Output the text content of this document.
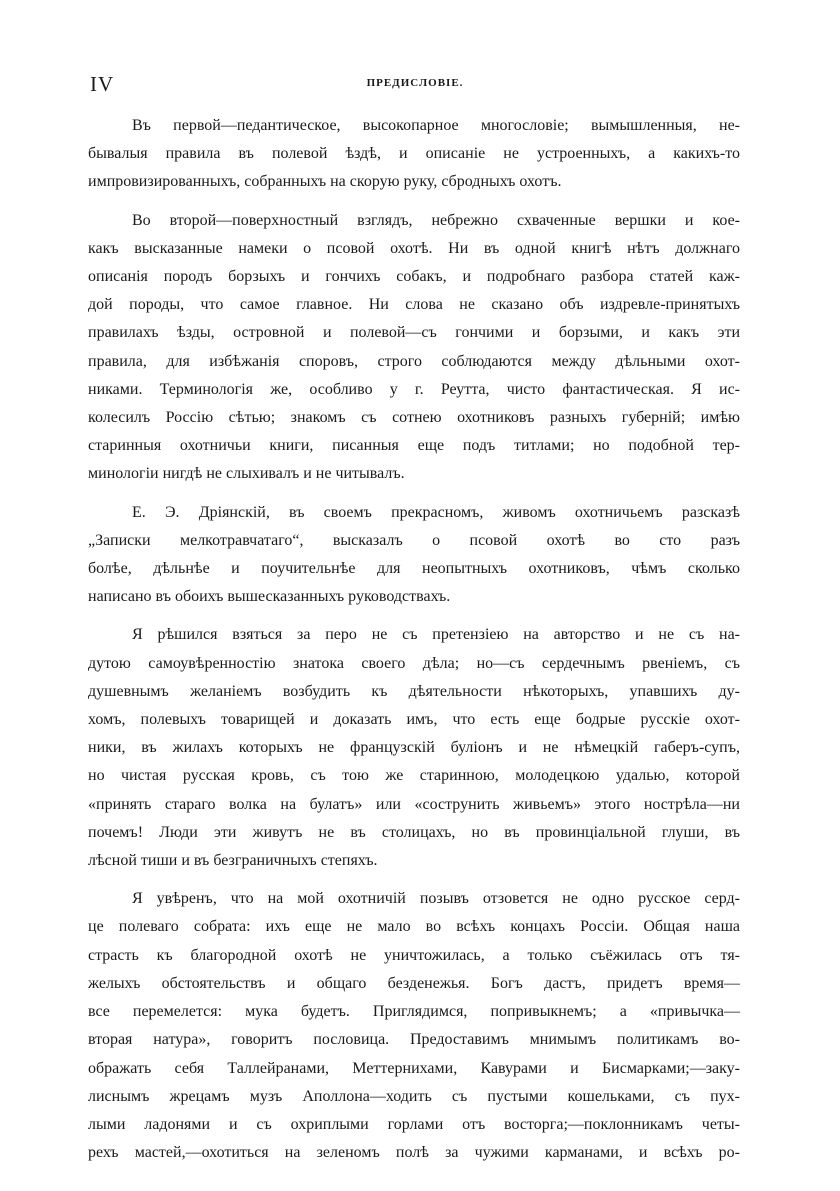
IV	ПРЕДИСЛОВІЕ.
Въ первой—педантическое, высокопарное многословіе; вымышленныя, не-
бывалыя правила въ полевой ѣздѣ, и описаніе не устроенныхъ, а какихъ-то
импровизированныхъ, собранныхъ на скорую руку, сбродныхъ охотъ.
Во второй—поверхностный взглядъ, небрежно схваченные вершки и кое-
какъ высказанные намеки о псовой охотѣ. Ни въ одной книгѣ нѣтъ должнаго
описанія породъ борзыхъ и гончихъ собакъ, и подробнаго разбора статей каж-
дой породы, что самое главное. Ни слова не сказано объ издревле-принятыхъ
правилахъ ѣзды, островной и полевой—съ гончими и борзыми, и какъ эти
правила, для избѣжанія споровъ, строго соблюдаются между дѣльными охот-
никами. Терминологія же, особливо у г. Реутта, чисто фантастическая. Я ис-
колесилъ Россію сѣтью; знакомъ съ сотнею охотниковъ разныхъ губерній; имѣю
старинныя охотничьи книги, писанныя еще подъ титлами; но подобной тер-
минологіи нигдѣ не слыхивалъ и не читывалъ.
Е. Э. Дріянскій, въ своемъ прекрасномъ, живомъ охотничьемъ разсказѣ
„Записки мелкотравчатаго“, высказалъ о псовой охотѣ во сто разъ
болѣе, дѣльнѣе и поучительнѣе для неопытныхъ охотниковъ, чѣмъ сколько
написано въ обоихъ вышесказанныхъ руководствахъ.
Я рѣшился взяться за перо не съ претензіею на авторство и не съ на-
дутою самоувѣренностію знатока своего дѣла; но—съ сердечнымъ рвеніемъ, съ
душевнымъ желаніемъ возбудить къ дѣятельности нѣкоторыхъ, упавшихъ ду-
хомъ, полевыхъ товарищей и доказать имъ, что есть еще бодрые русскіе охот-
ники, въ жилахъ которыхъ не французскій буліонъ и не нѣмецкій габеръ-супъ,
но чистая русская кровь, съ тою же старинною, молодецкою удалью, которой
«принять стараго волка на булатъ» или «сострунить живьемъ» этого нострѣла—ни
почемъ! Люди эти живутъ не въ столицахъ, но въ провинціальной глуши, въ
лѣсной тиши и въ безграничныхъ степяхъ.
Я увѣренъ, что на мой охотничій позывъ отзовется не одно русское серд-
це полеваго собрата: ихъ еще не мало во всѣхъ концахъ Россіи. Общая наша
страсть къ благородной охотѣ не уничтожилась, а только съёжилась отъ тя-
желыхъ обстоятельствъ и общаго безденежья. Богъ дастъ, придетъ время—
все перемелется: мука будетъ. Приглядимся, попривыкнемъ; а «привычка—
вторая натура», говоритъ пословица. Предоставимъ мнимымъ политикамъ во-
ображать себя Таллейранами, Меттернихами, Кавурами и Бисмарками;—заку-
лиснымъ жрецамъ музъ Аполлона—ходить съ пустыми кошельками, съ пух-
лыми ладонями и съ охриплыми горлами отъ восторга;—поклонникамъ четы-
рехъ мастей,—охотиться на зеленомъ полѣ за чужими карманами, и всѣхъ ро-
